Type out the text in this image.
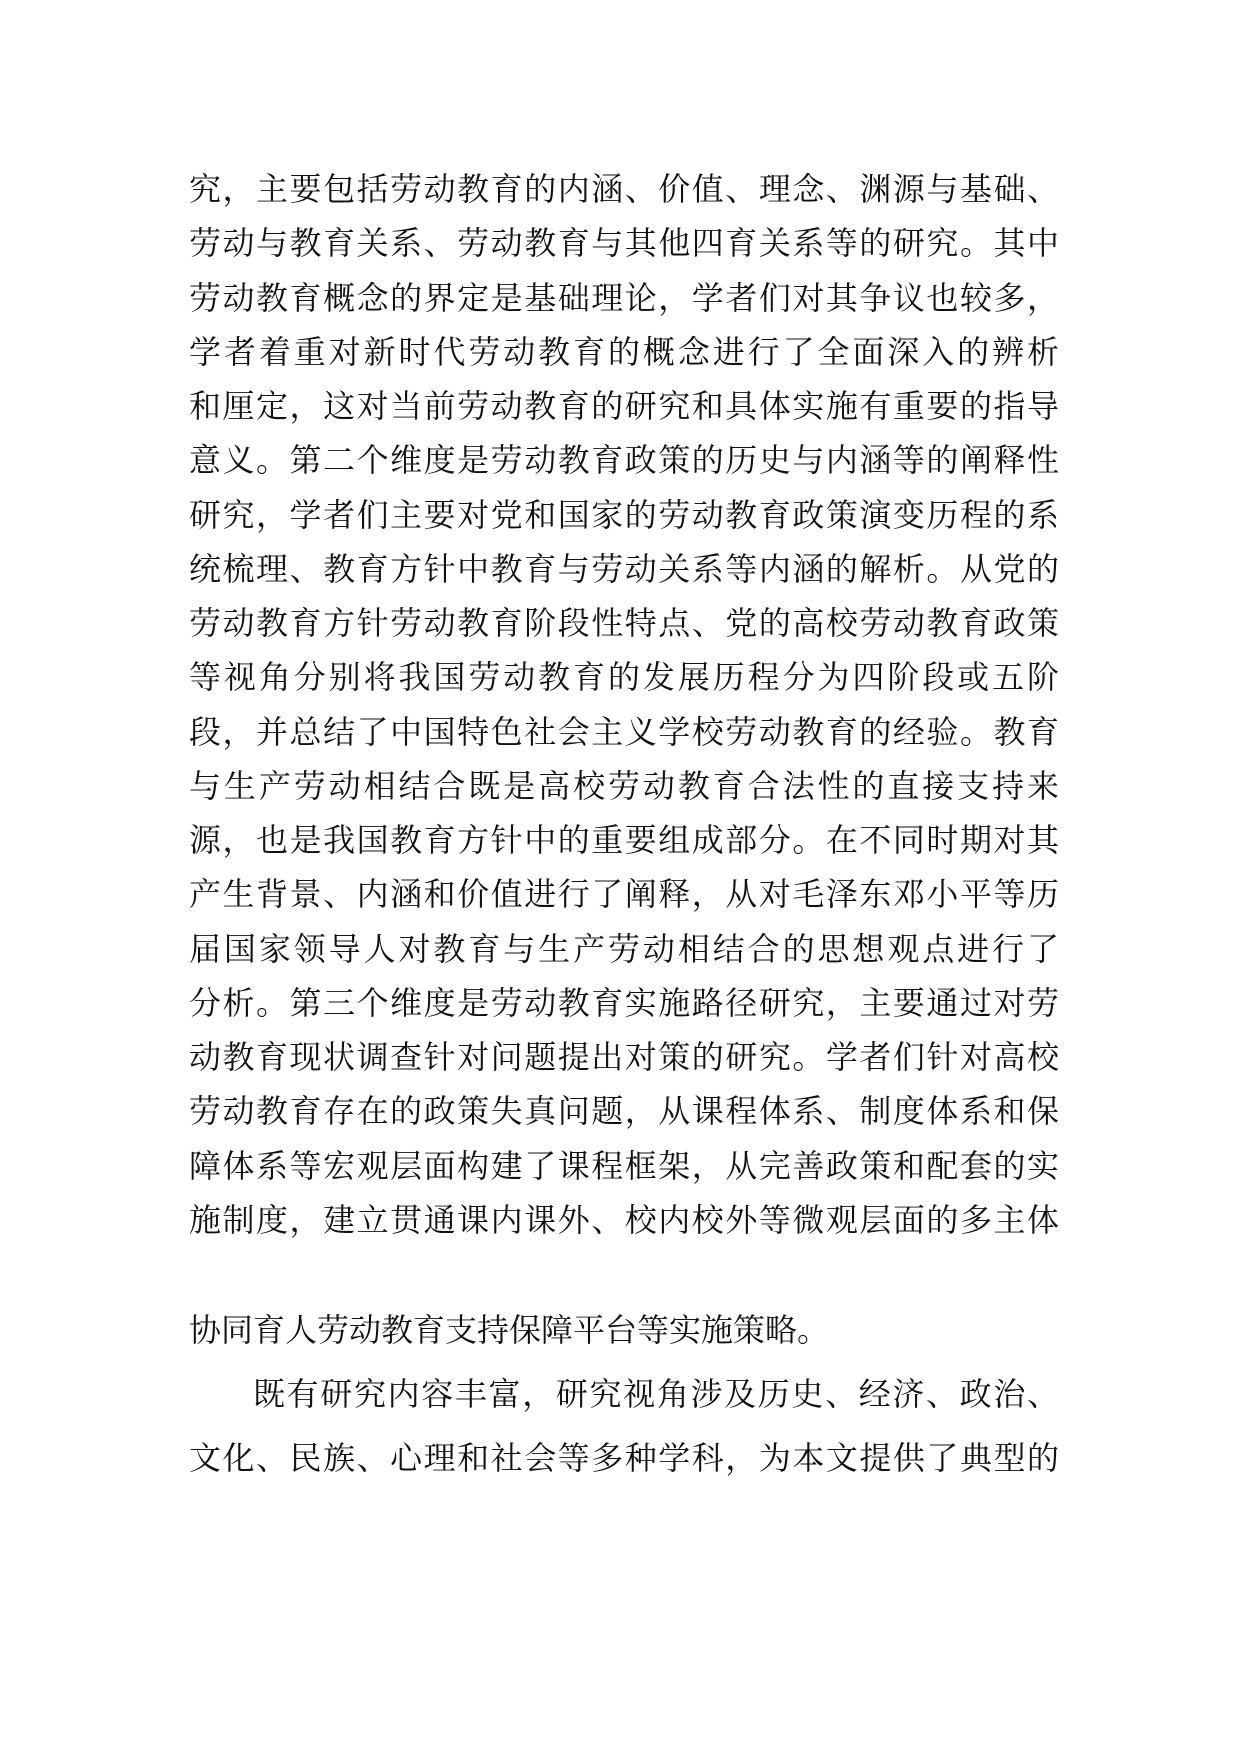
究，主要包括劳动教育的内涵、价值、理念、渊源与基础、
劳动与教育关系、劳动教育与其他四育关系等的研究。其中
劳动教育概念的界定是基础理论，学者们对其争议也较多，
学者着重对新时代劳动教育的概念进行了全面深入的辨析
和厘定，这对当前劳动教育的研究和具体实施有重要的指导
意义。第二个维度是劳动教育政策的历史与内涵等的阐释性
研究，学者们主要对党和国家的劳动教育政策演变历程的系
统梳理、教育方针中教育与劳动关系等内涵的解析。从党的
劳动教育方针劳动教育阶段性特点、党的高校劳动教育政策
等视角分别将我国劳动教育的发展历程分为四阶段或五阶
段，并总结了中国特色社会主义学校劳动教育的经验。教育
与生产劳动相结合既是高校劳动教育合法性的直接支持来
源，也是我国教育方针中的重要组成部分。在不同时期对其
产生背景、内涵和价值进行了阐释，从对毛泽东邓小平等历
届国家领导人对教育与生产劳动相结合的思想观点进行了
分析。第三个维度是劳动教育实施路径研究，主要通过对劳
动教育现状调查针对问题提出对策的研究。学者们针对高校
劳动教育存在的政策失真问题，从课程体系、制度体系和保
障体系等宏观层面构建了课程框架，从完善政策和配套的实
施制度，建立贯通课内课外、校内校外等微观层面的多主体
协同育人劳动教育支持保障平台等实施策略。
既有研究内容丰富，研究视角涉及历史、经济、政治、
文化、民族、心理和社会等多种学科，为本文提供了典型的
